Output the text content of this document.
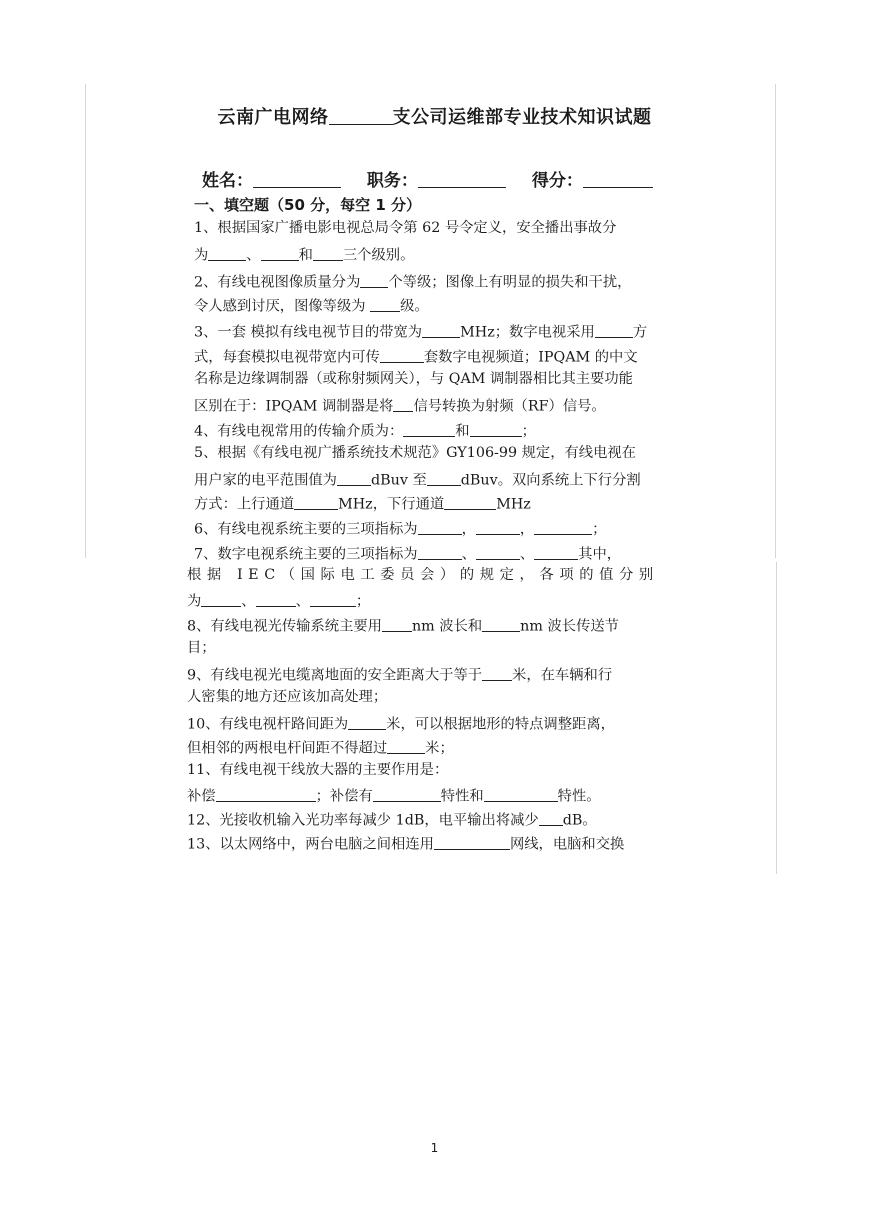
云南广电网络	支公司运维部专业技术知识试题
姓名：	职务：	得分：
一、填空题（50 分，每空 1 分）
1、根据国家广播电影电视总局令第 62 号令定义，安全播出事故分
为	、	和 三个级别。
2、有线电视图像质量分为 个等级；图像上有明显的损失和干扰，
令人感到讨厌，图像等级为 级。
3、一套 模拟有线电视节目的带宽为	MHz；数字电视采用	方
式，每套模拟电视带宽内可传	套数字电视频道；IPQAM 的中文
名称是边缘调制器（或称射频网关），与 QAM 调制器相比其主要功能
区别在于：IPQAM 调制器是将 信号转换为射频（RF）信号。
4、有线电视常用的传输介质为：	和	；
5、根据《有线电视广播系统技术规范》GY106-99 规定，有线电视在
用户家的电平范围值为 dBuv 至 dBuv。双向系统上下行分割
方式：上行通道	MHz，下行通道	MHz
6、有线电视系统主要的三项指标为	，	，	；
7、数字电视系统主要的三项指标为	、	、	其中，
根据 IEC（国际电工委员会）的规定，各项的值分别
为	、	、	；
8、有线电视光传输系统主要用 nm 波长和	nm 波长传送节
目；
9、有线电视光电缆离地面的安全距离大于等于 米，在车辆和行
人密集的地方还应该加高处理；
10、有线电视杆路间距为	米，可以根据地形的特点调整距离，
但相邻的两根电杆间距不得超过	米；
11、有线电视干线放大器的主要作用是：
补偿	；补偿有	特性和	特性。
12、光接收机输入光功率每减少 1dB，电平输出将减少 dB。
13、以太网络中，两台电脑之间相连用	网线，电脑和交换
1
